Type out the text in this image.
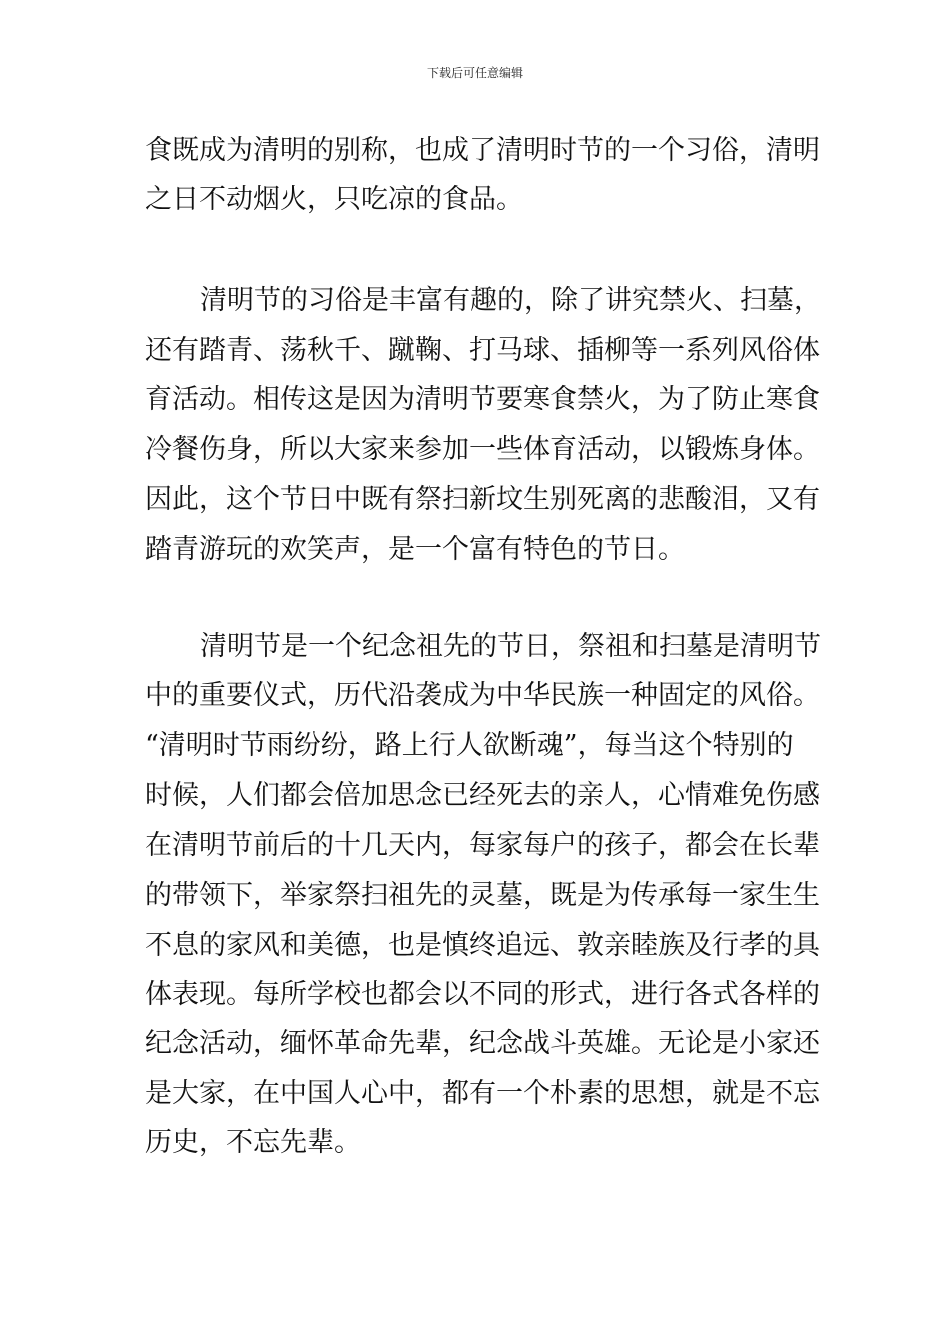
下载后可任意编辑
食既成为清明的别称，也成了清明时节的一个习俗，清明
之日不动烟火，只吃凉的食品。
清明节的习俗是丰富有趣的，除了讲究禁火、扫墓，
还有踏青、荡秋千、蹴鞠、打马球、插柳等一系列风俗体
育活动。相传这是因为清明节要寒食禁火，为了防止寒食
冷餐伤身，所以大家来参加一些体育活动，以锻炼身体。
因此，这个节日中既有祭扫新坟生别死离的悲酸泪，又有
踏青游玩的欢笑声，是一个富有特色的节日。
清明节是一个纪念祖先的节日，祭祖和扫墓是清明节
中的重要仪式，历代沿袭成为中华民族一种固定的风俗。
“清明时节雨纷纷，路上行人欲断魂”，每当这个特别的
时候，人们都会倍加思念已经死去的亲人，心情难免伤感
在清明节前后的十几天内，每家每户的孩子，都会在长辈
的带领下，举家祭扫祖先的灵墓，既是为传承每一家生生
不息的家风和美德，也是慎终追远、敦亲睦族及行孝的具
体表现。每所学校也都会以不同的形式，进行各式各样的
纪念活动，缅怀革命先辈，纪念战斗英雄。无论是小家还
是大家，在中国人心中，都有一个朴素的思想，就是不忘
历史，不忘先辈。
